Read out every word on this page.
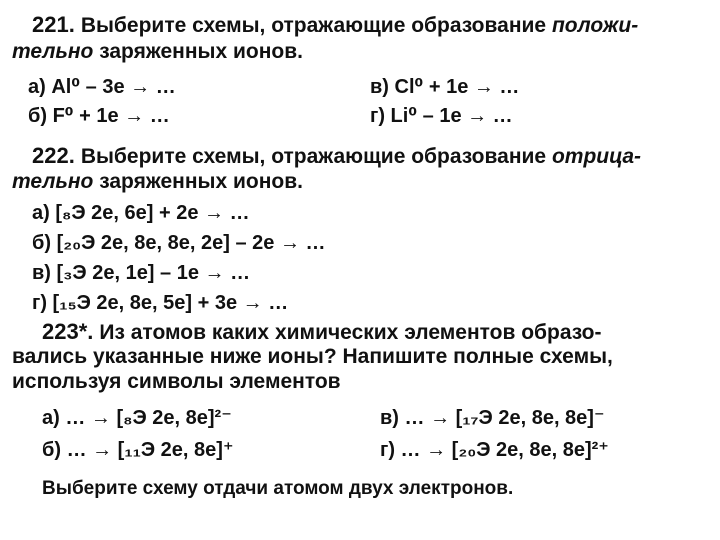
221. Выберите схемы, отражающие образование положи-
тельно заряженных ионов.
а) Al⁰ – 3e → …
б) F⁰ + 1e → …
в) Cl⁰ + 1e → …
г) Li⁰ – 1e → …
222. Выберите схемы, отражающие образование отрица-
тельно заряженных ионов.
а) [₈Э 2e, 6e] + 2e → …
б) [₂₀Э 2e, 8e, 8e, 2e] – 2e → …
в) [₃Э 2e, 1e] – 1e → …
г) [₁₅Э 2e, 8e, 5e] + 3e → …
223*. Из атомов каких химических элементов образо-
вались указанные ниже ионы? Напишите полные схемы,
используя символы элементов
а) … → [₈Э 2e, 8e]²⁻
б) … → [₁₁Э 2e, 8e]⁺
в) … → [₁₇Э 2e, 8e, 8e]⁻
г) … → [₂₀Э 2e, 8e, 8e]²⁺
Выберите схему отдачи атомом двух электронов.
